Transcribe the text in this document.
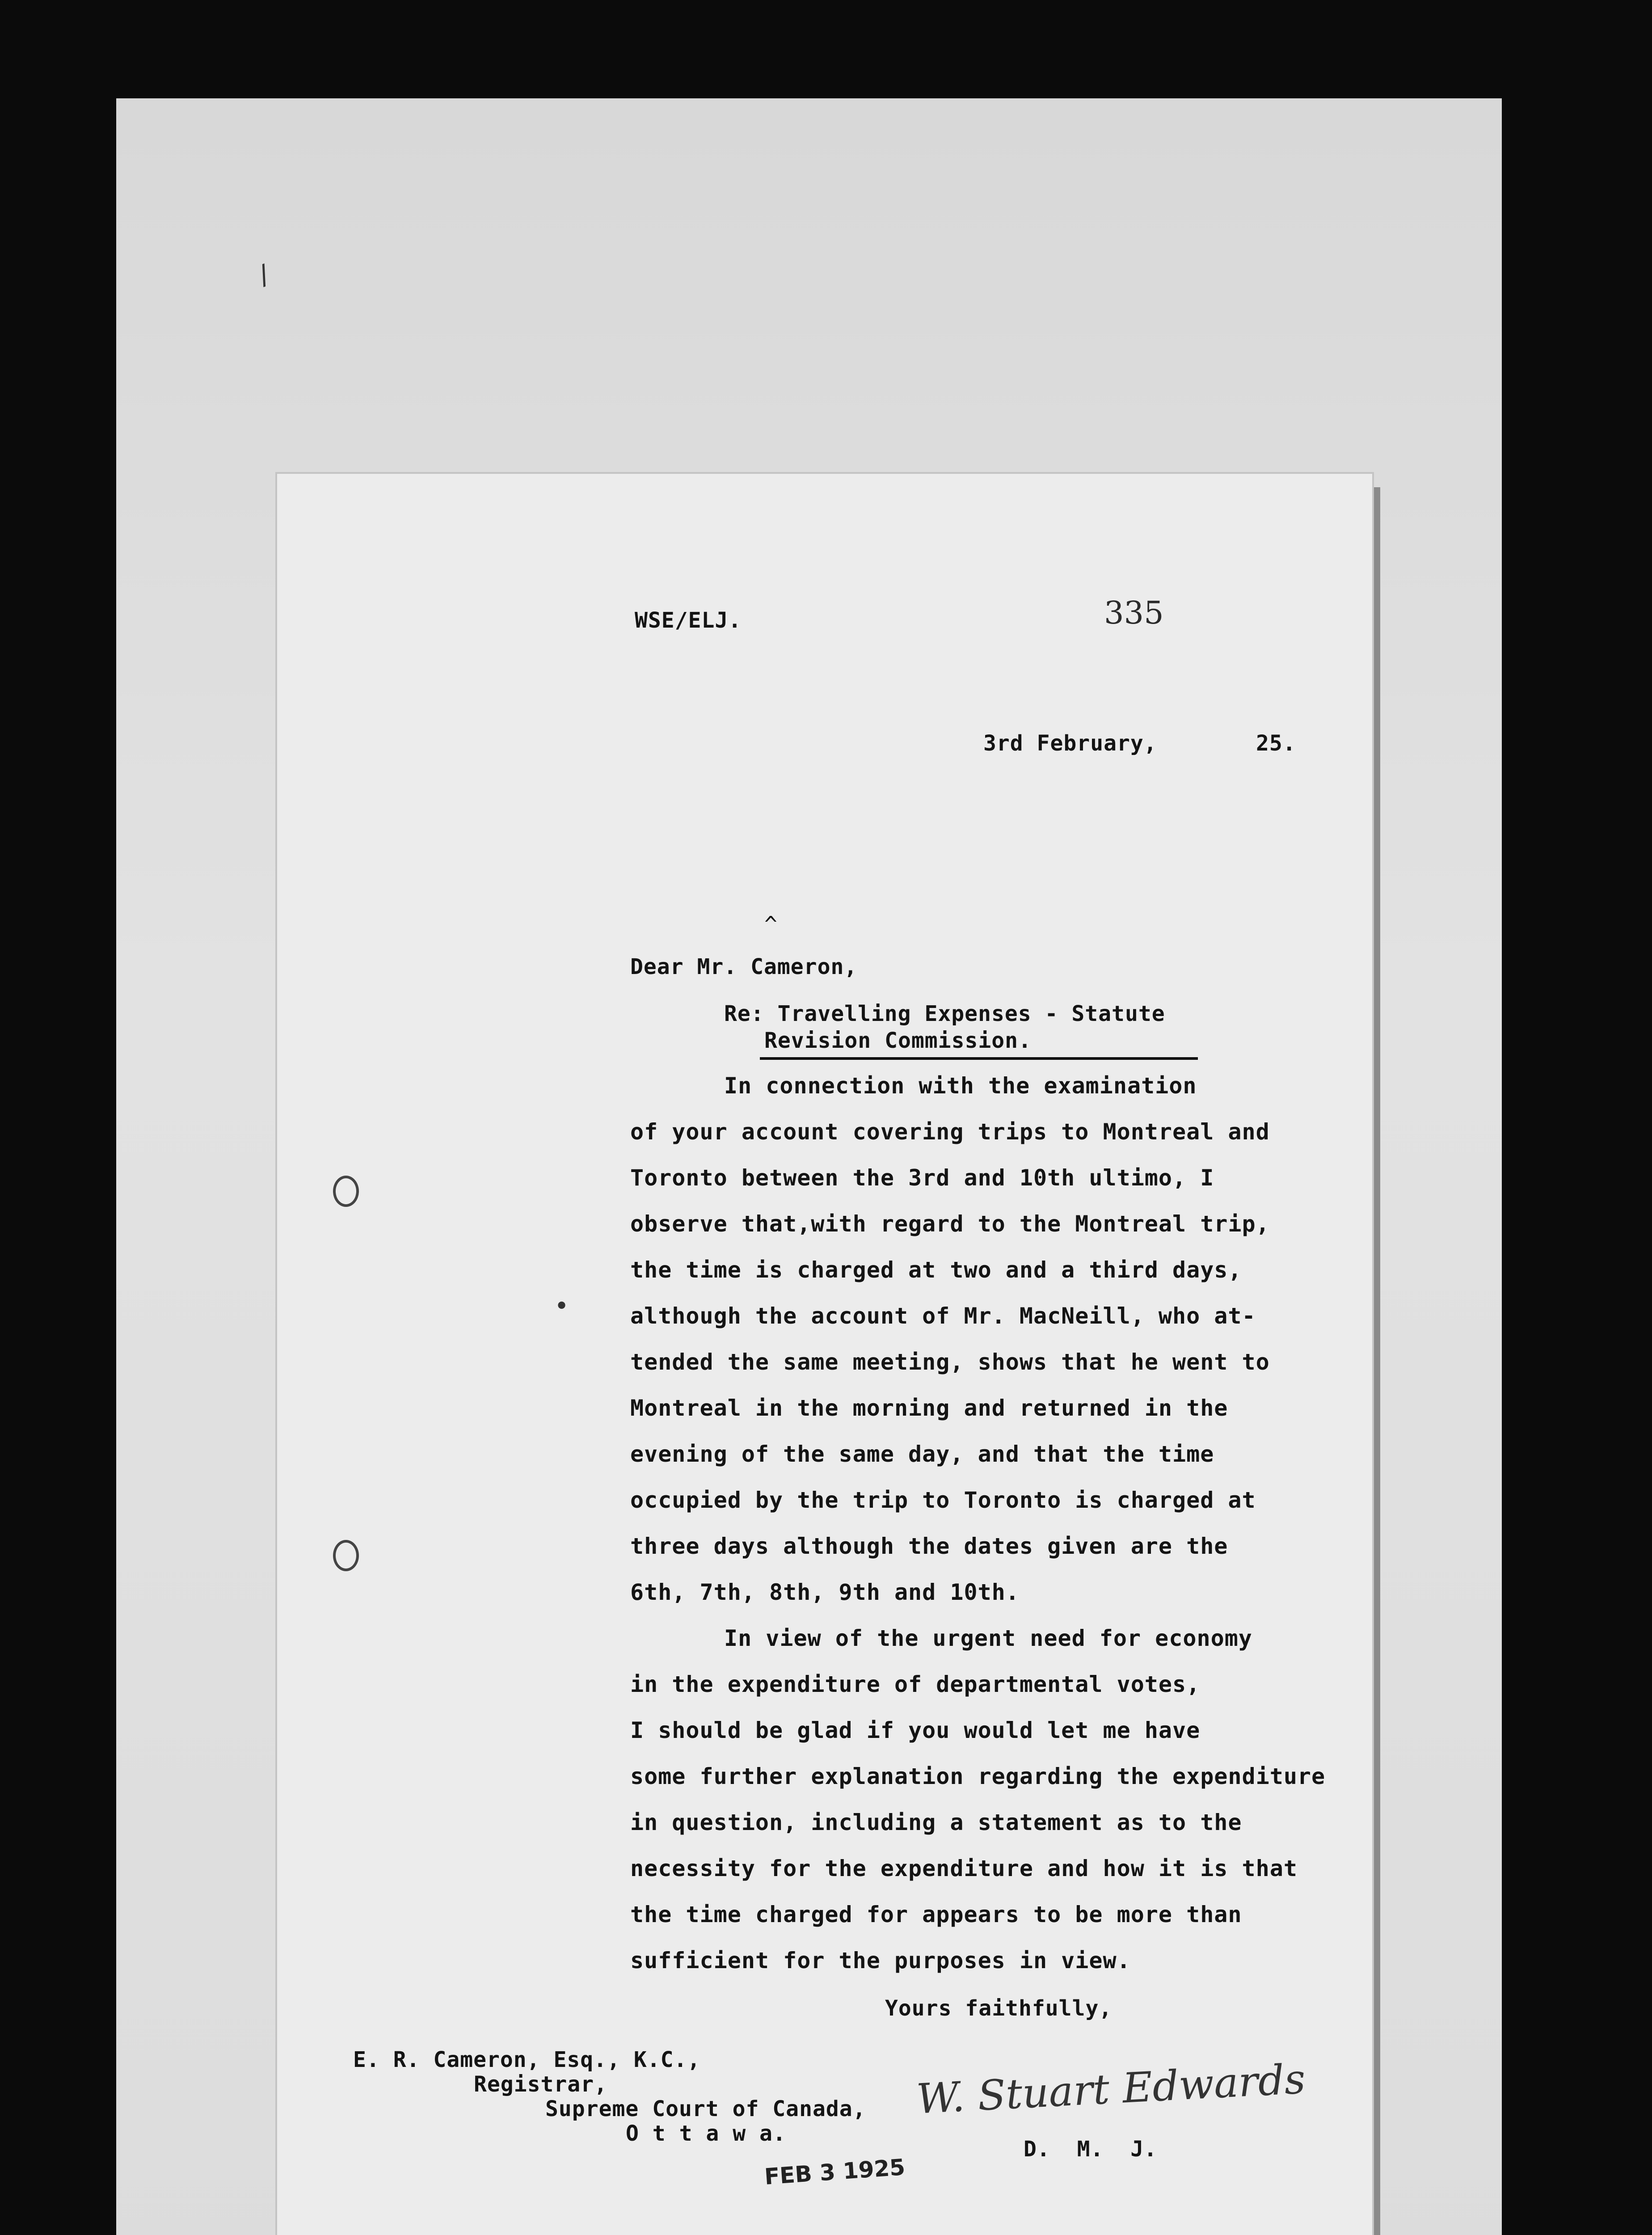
/
WSE/ELJ.	335
3rd February,	25.
^
Dear Mr. Cameron,
Re: Travelling Expenses - Statute
Revision Commission.
•
In connection with the examination
of your account covering trips to Montreal and
Toronto between the 3rd and 10th ultimo, I
observe that,with regard to the Montreal trip,
the time is charged at two and a third days,
although the account of Mr. MacNeill, who at-
tended the same meeting, shows that he went to
Montreal in the morning and returned in the
evening of the same day, and that the time
occupied by the trip to Toronto is charged at
three days although the dates given are the
6th, 7th, 8th, 9th and 10th.
In view of the urgent need for economy
in the expenditure of departmental votes,
I should be glad if you would let me have
some further explanation regarding the expenditure
in question, including a statement as to the
necessity for the expenditure and how it is that
the time charged for appears to be more than
sufficient for the purposes in view.
Yours faithfully,
E. R. Cameron, Esq., K.C.,
Registrar,
Supreme Court of Canada,
O t t a w a.
W. Stuart Edwards
D.  M.  J.
FEB 3 1925
